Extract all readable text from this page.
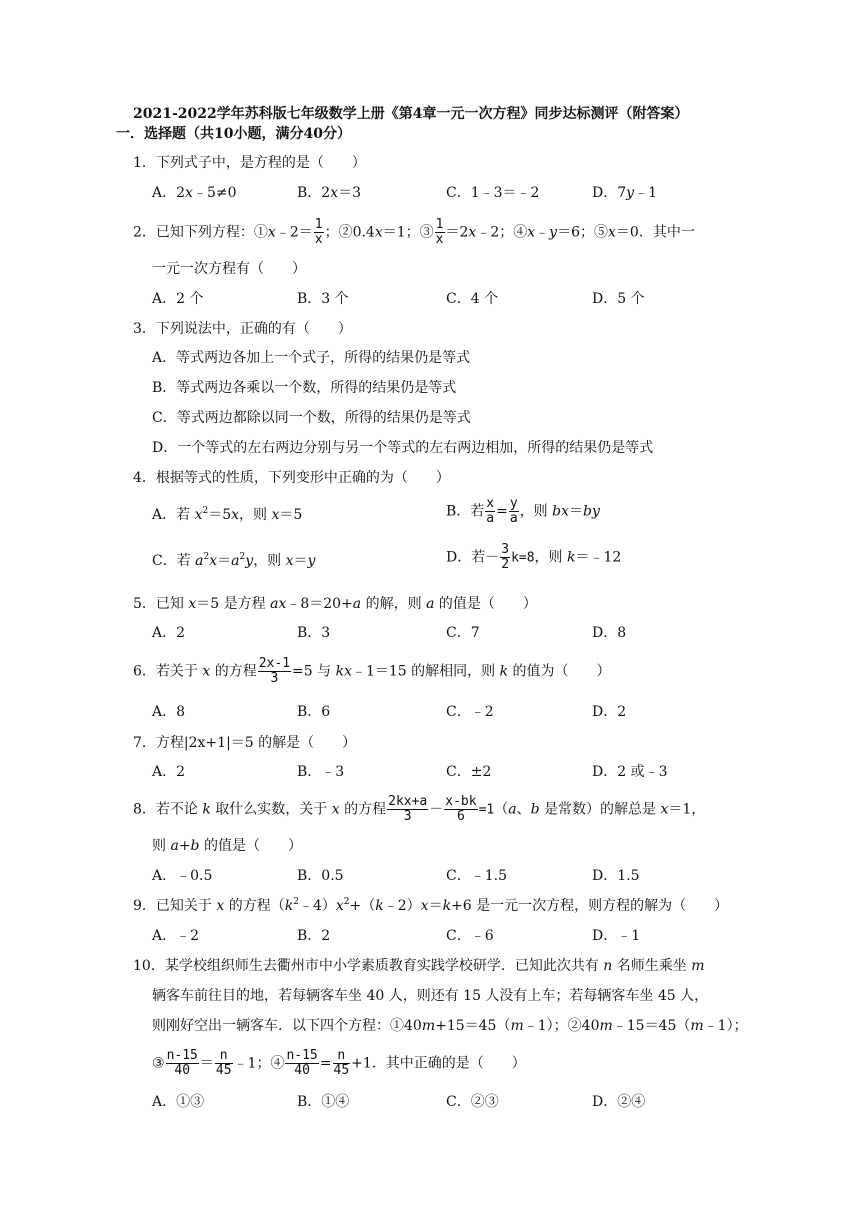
2021-2022学年苏科版七年级数学上册《第4章一元一次方程》同步达标测评（附答案）
一．选择题（共10小题，满分40分）
1．下列式子中，是方程的是（　　）
A．2x﹣5≠0	B．2x＝3	C．1﹣3＝﹣2	D．7y﹣1
2．已知下列方程：①x﹣2＝ $\frac{1}{x}$ ；②0.4x＝1；③ $\frac{1}{x}$ ＝2x﹣2；④x﹣y＝6；⑤x＝0．其中一
一元一次方程有（　　）
A．2 个	B．3 个	C．4 个	D．5 个
3．下列说法中，正确的有（　　）
A．等式两边各加上一个式子，所得的结果仍是等式
B．等式两边各乘以一个数，所得的结果仍是等式
C．等式两边都除以同一个数，所得的结果仍是等式
D．一个等式的左右两边分别与另一个等式的左右两边相加，所得的结果仍是等式
4．根据等式的性质，下列变形中正确的为（　　）
A．若 $x^2=5x$，则 x＝5	B．若 $\frac{x}{a} = \frac{y}{a}$ ，则 bx＝by
C．若 $a^2x=a^2y$，则 x＝y	D．若－ $\frac{3}{2} k=8$，则 k＝﹣12
5．已知 x＝5 是方程 ax﹣8＝20+a 的解，则 a 的值是（　　）
A．2	B．3	C．7	D．8
6．若关于 x 的方程 $\frac{2x-1}{3} =5$ 与 kx﹣1＝15 的解相同，则 k 的值为（　　）
A．8	B．6	C．﹣2	D．2
7．方程|2x+1|＝5 的解是（　　）
A．2	B．﹣3	C．±2	D．2 或﹣3
8．若不论 k 取什么实数，关于 x 的方程 $\frac{2kx+a}{3} - \frac{x-bk}{6} =1(a$、b 是常数）的解总是 x＝1，
则 a+b 的值是（　　）
A．﹣0.5	B．0.5	C．﹣1.5	D．1.5
9．已知关于 x 的方程$(k^2﹣4)x^2+(k﹣2)x=k+6$ 是一元一次方程，则方程的解为（　　）
A．﹣2	B．2	C．﹣6	D．﹣1
10．某学校组织师生去衢州市中小学素质教育实践学校研学．已知此次共有 n 名师生乘坐 m
辆客车前往目的地，若每辆客车坐 40 人，则还有 15 人没有上车；若每辆客车坐 45 人，
则刚好空出一辆客车．以下四个方程：①40m+15＝45（m﹣1）；②40m﹣15＝45（m﹣1）；
③ $\frac{n-15}{40} = \frac{n}{45}$ ﹣1；④ $\frac{n-15}{40} = \frac{n}{45} +1$．其中正确的是（　　）
A．①③	B．①④	C．②③	D．②④
